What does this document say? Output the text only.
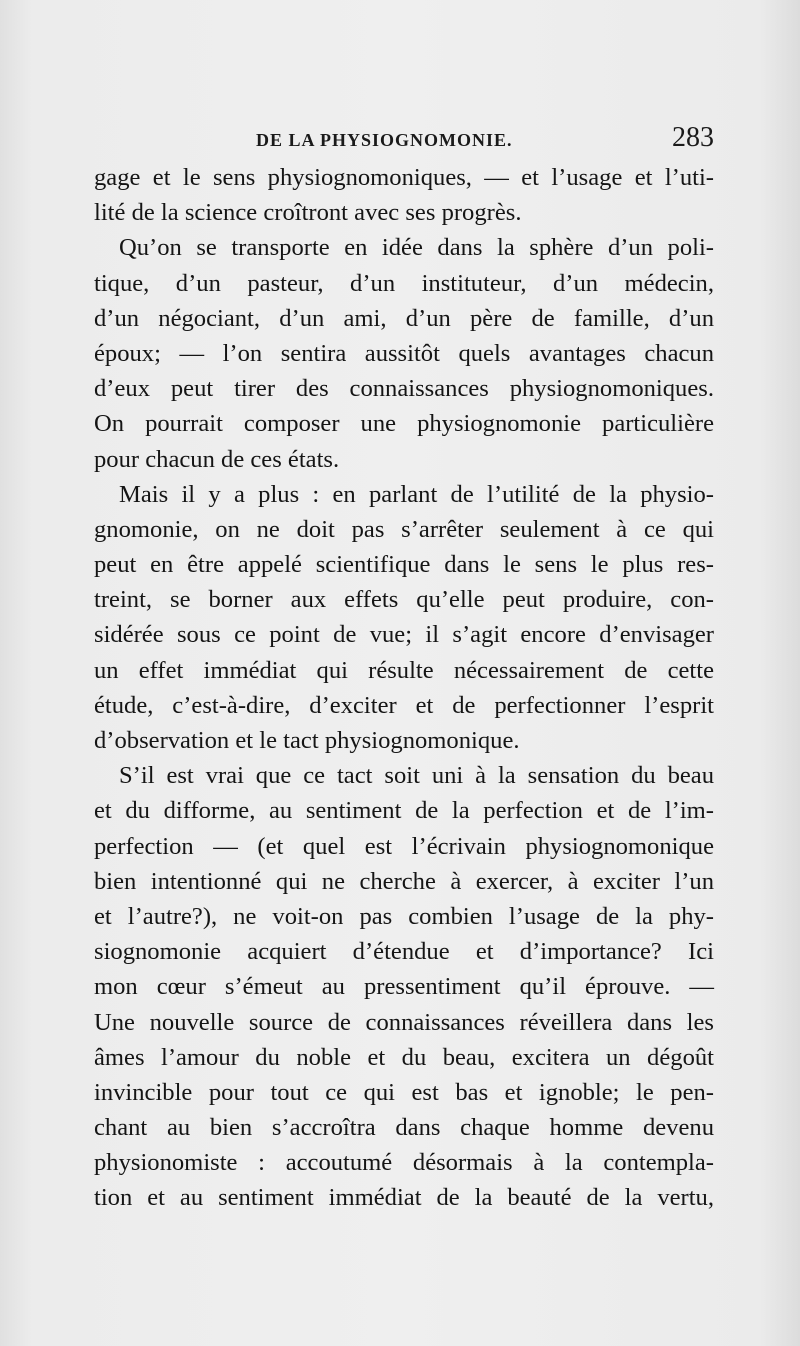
DE LA PHYSIOGNOMONIE.	283
gage et le sens physiognomoniques, — et l’usage et l’uti-
lité de la science croîtront avec ses progrès.
Qu’on se transporte en idée dans la sphère d’un poli-
tique, d’un pasteur, d’un instituteur, d’un médecin,
d’un négociant, d’un ami, d’un père de famille, d’un
époux; — l’on sentira aussitôt quels avantages chacun
d’eux peut tirer des connaissances physiognomoniques.
On pourrait composer une physiognomonie particulière
pour chacun de ces états.
Mais il y a plus : en parlant de l’utilité de la physio-
gnomonie, on ne doit pas s’arrêter seulement à ce qui
peut en être appelé scientifique dans le sens le plus res-
treint, se borner aux effets qu’elle peut produire, con-
sidérée sous ce point de vue; il s’agit encore d’envisager
un effet immédiat qui résulte nécessairement de cette
étude, c’est-à-dire, d’exciter et de perfectionner l’esprit
d’observation et le tact physiognomonique.
S’il est vrai que ce tact soit uni à la sensation du beau
et du difforme, au sentiment de la perfection et de l’im-
perfection — (et quel est l’écrivain physiognomonique
bien intentionné qui ne cherche à exercer, à exciter l’un
et l’autre?), ne voit-on pas combien l’usage de la phy-
siognomonie acquiert d’étendue et d’importance? Ici
mon cœur s’émeut au pressentiment qu’il éprouve. —
Une nouvelle source de connaissances réveillera dans les
âmes l’amour du noble et du beau, excitera un dégoût
invincible pour tout ce qui est bas et ignoble; le pen-
chant au bien s’accroîtra dans chaque homme devenu
physionomiste : accoutumé désormais à la contempla-
tion et au sentiment immédiat de la beauté de la vertu,
